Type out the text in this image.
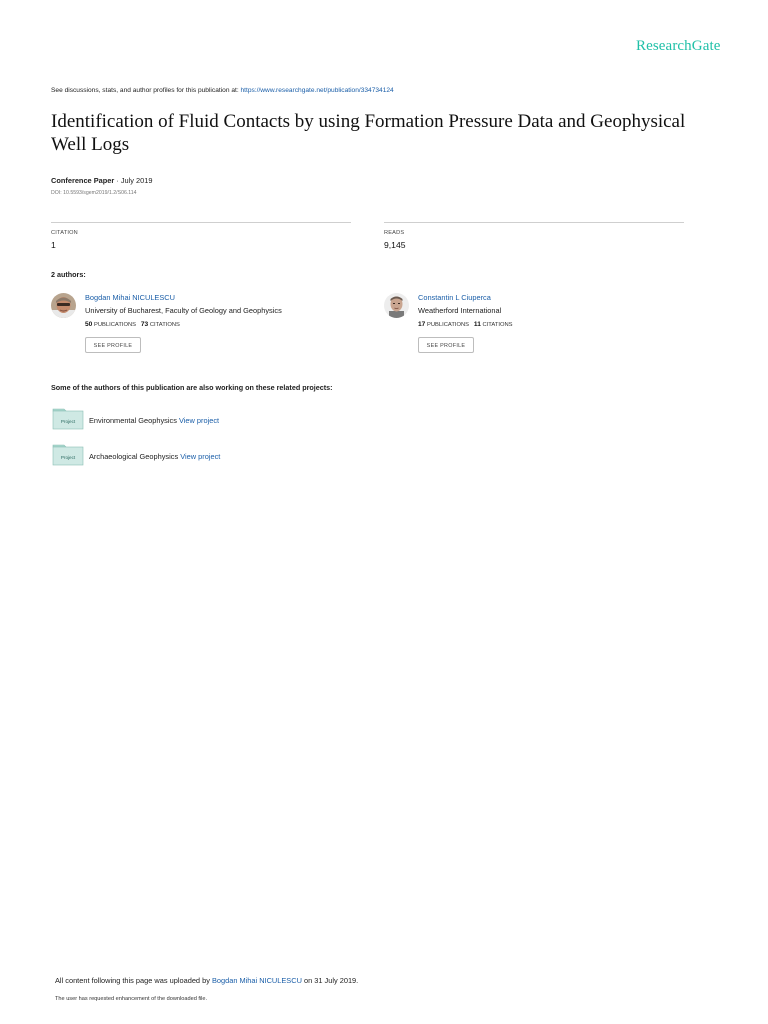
ResearchGate
See discussions, stats, and author profiles for this publication at: https://www.researchgate.net/publication/334734124
Identification of Fluid Contacts by using Formation Pressure Data and Geophysical Well Logs
Conference Paper · July 2019
DOI: 10.5593/sgem2019/1.2/S06.114
CITATION
1
READS
9,145
2 authors:
Bogdan Mihai NICULESCU
University of Bucharest, Faculty of Geology and Geophysics
50 PUBLICATIONS 73 CITATIONS
SEE PROFILE
Constantin L Ciuperca
Weatherford International
17 PUBLICATIONS 11 CITATIONS
SEE PROFILE
Some of the authors of this publication are also working on these related projects:
Project Environmental Geophysics View project
Project Archaeological Geophysics View project
All content following this page was uploaded by Bogdan Mihai NICULESCU on 31 July 2019.
The user has requested enhancement of the downloaded file.
